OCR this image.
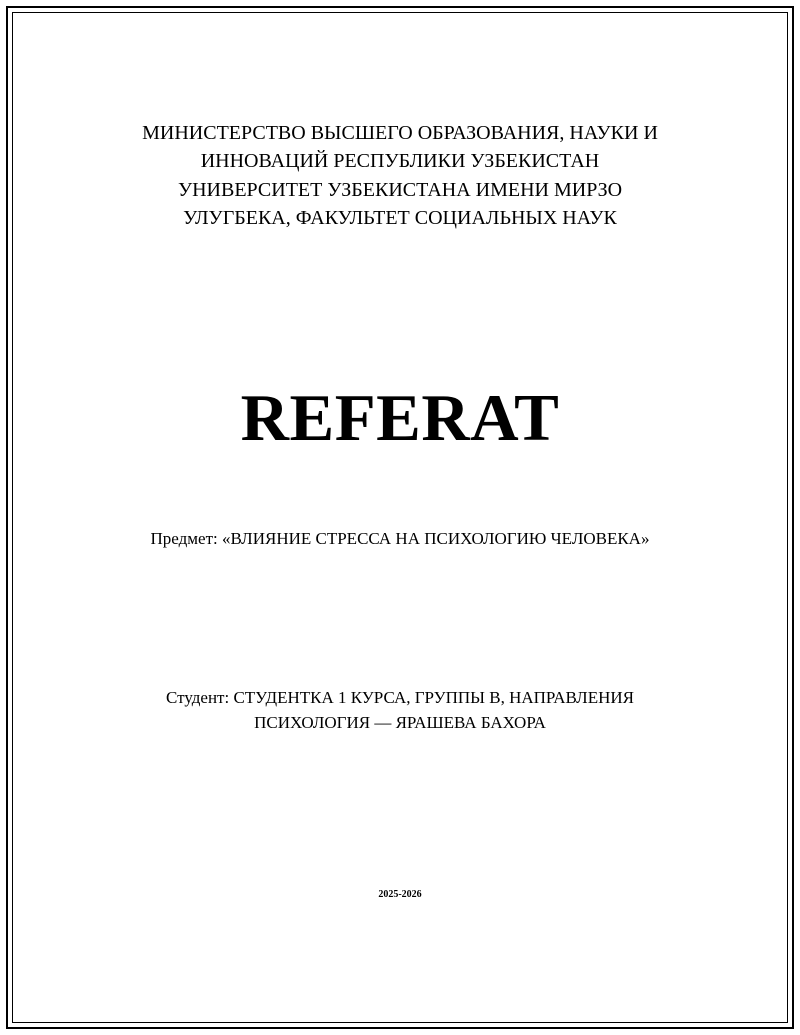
МИНИСТЕРСТВО ВЫСШЕГО ОБРАЗОВАНИЯ, НАУКИ И
ИННОВАЦИЙ РЕСПУБЛИКИ УЗБЕКИСТАН
УНИВЕРСИТЕТ УЗБЕКИСТАНА ИМЕНИ МИРЗО
УЛУГБЕКА, ФАКУЛЬТЕТ СОЦИАЛЬНЫХ НАУК
REFERAT
Предмет: «ВЛИЯНИЕ СТРЕССА НА ПСИХОЛОГИЮ ЧЕЛОВЕКА»
Студент: СТУДЕНТКА 1 КУРСА, ГРУППЫ В, НАПРАВЛЕНИЯ
ПСИХОЛОГИЯ — ЯРАШЕВА БАХОРА
2025-2026
